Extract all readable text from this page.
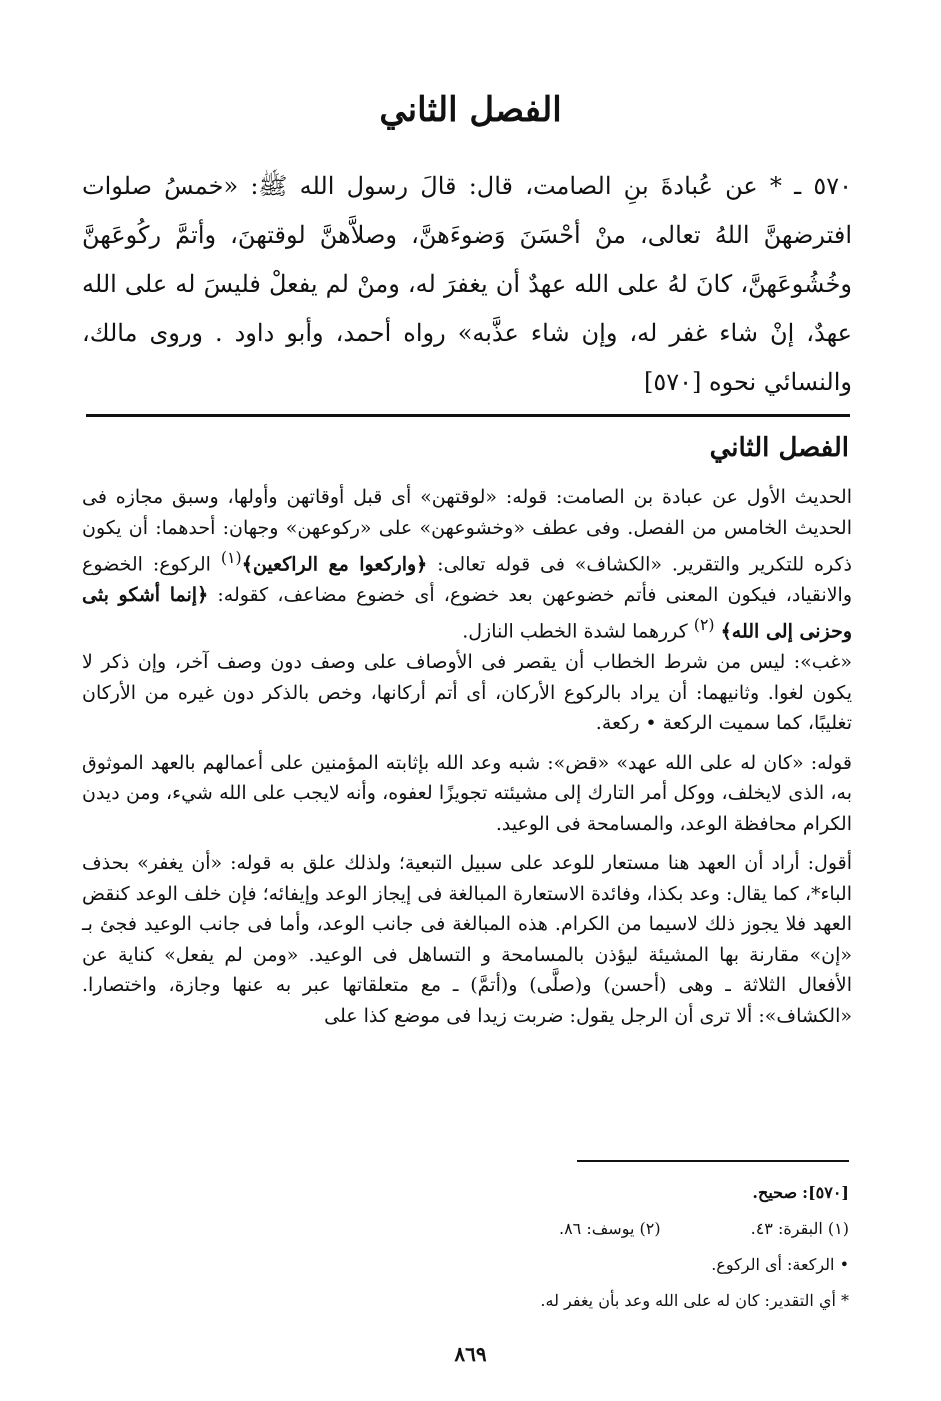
الفصل الثاني
٥٧٠ ـ * عن عُبادةَ بنِ الصامت، قال: قالَ رسول الله ﷺ: «خمسُ صلوات افترضهنَّ اللهُ تعالى، منْ أحْسَنَ وَضوءَهنَّ، وصلاَّهنَّ لوقتهنَ، وأتمَّ ركُوعَهنَّ وخُشُوعَهنَّ، كانَ لهُ على الله عهدٌ أن يغفرَ له، ومنْ لم يفعلْ فليسَ له على الله عهدٌ، إنْ شاء غفر له، وإن شاء عذَّبه» رواه أحمد، وأبو داود . وروى مالك، والنسائي نحوه [٥٧٠]
الفصل الثاني

الحديث الأول عن عبادة بن الصامت: قوله: «لوقتهن» أى قبل أوقاتهن وأولها، وسبق مجازه فى الحديث الخامس من الفصل. وفى عطف «وخشوعهن» على «ركوعهن» وجهان: أحدهما: أن يكون ذكره للتكرير والتقرير. «الكشاف» فى قوله تعالى: ﴿واركعوا مع الراكعين﴾$^{(١)}$ الركوع: الخضوع والانقياد، فيكون المعنى فأتم خضوعهن بعد خضوع، أى خضوع مضاعف، كقوله: ﴿إنما أشكو بثى وحزنى إلى الله﴾ $^{(٢)}$ كررهما لشدة الخطب النازل.

«غب»: ليس من شرط الخطاب أن يقصر فى الأوصاف على وصف دون وصف آخر، وإن ذكر لا يكون لغوا. وثانيهما: أن يراد بالركوع الأركان، أى أتم أركانها، وخص بالذكر دون غيره من الأركان تغليبًا، كما سميت الركعة • ركعة.

قوله: «كان له على الله عهد» «قض»: شبه وعد الله بإثابته المؤمنين على أعمالهم بالعهد الموثوق به، الذى لايخلف، ووكل أمر التارك إلى مشيئته تجويزًا لعفوه، وأنه لايجب على الله شيء، ومن ديدن الكرام محافظة الوعد، والمسامحة فى الوعيد.

أقول: أراد أن العهد هنا مستعار للوعد على سبيل التبعية؛ ولذلك علق به قوله: «أن يغفر» بحذف الباء*، كما يقال: وعد بكذا، وفائدة الاستعارة المبالغة فى إيجاز الوعد وإيفائه؛ فإن خلف الوعد كنقض العهد فلا يجوز ذلك لاسيما من الكرام. هذه المبالغة فى جانب الوعد، وأما فى جانب الوعيد فجئ بـ «إن» مقارنة بها المشيئة ليؤذن بالمسامحة و التساهل فى الوعيد. «ومن لم يفعل» كناية عن الأفعال الثلاثة ـ وهى (أحسن) و(صلَّى) و(أتمَّ) ـ مع متعلقاتها عبر به عنها وجازة، واختصارا. «الكشاف»: ألا ترى أن الرجل يقول: ضربت زيدا فى موضع كذا على

[٥٧٠]: صحيح.

(١) البقرة: ٤٣.
(٢) يوسف: ٨٦.

• الركعة: أى الركوع.

* أي التقدير: كان له على الله وعد بأن يغفر له.

٨٦٩
